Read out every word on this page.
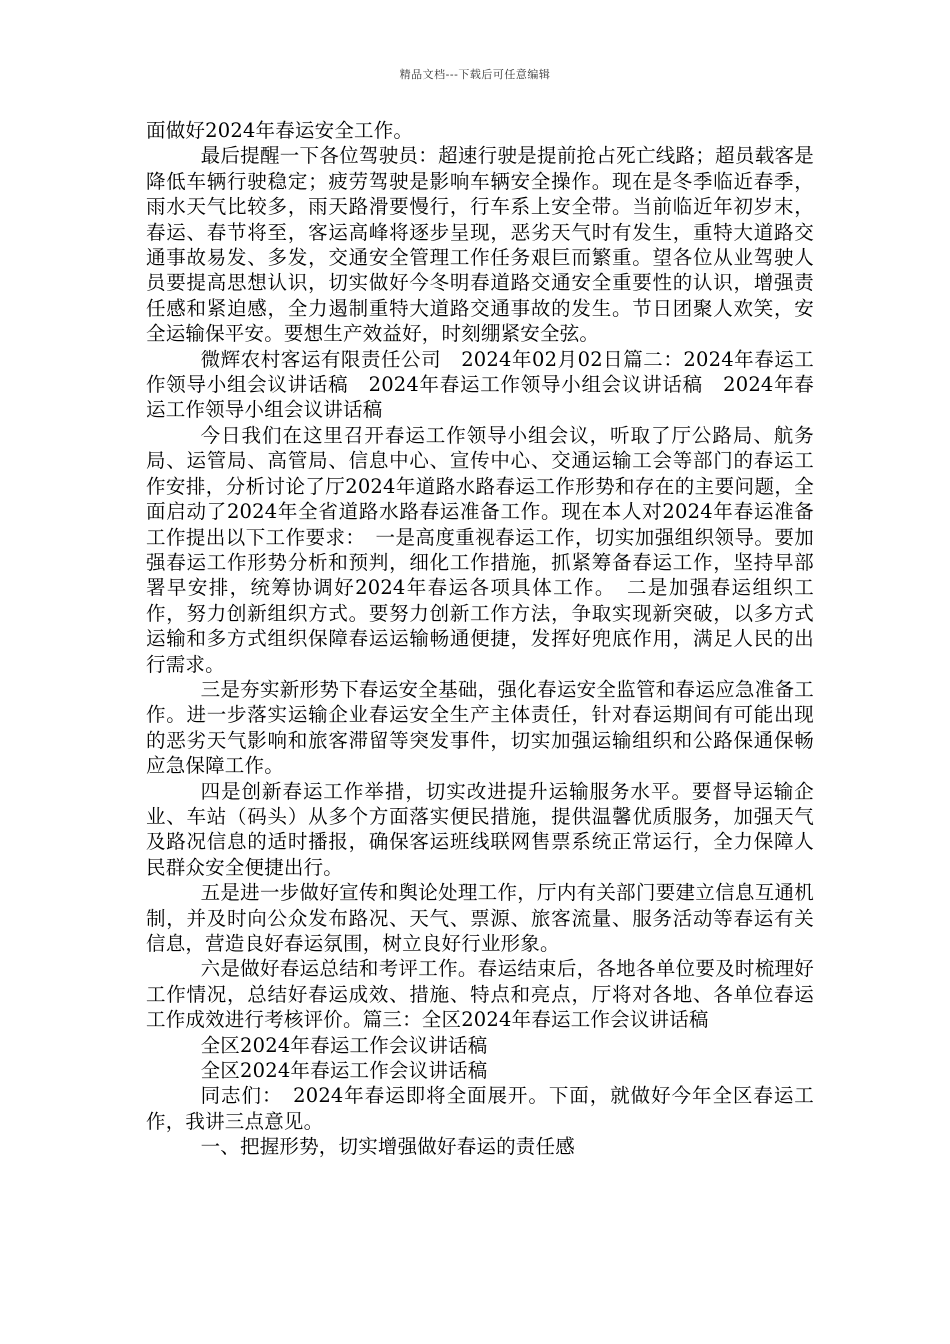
精品文档---下载后可任意编辑

面做好2024年春运安全工作。

最后提醒一下各位驾驶员：超速行驶是提前抢占死亡线路；超员载客是降低车辆行驶稳定；疲劳驾驶是影响车辆安全操作。现在是冬季临近春季，雨水天气比较多，雨天路滑要慢行，行车系上安全带。当前临近年初岁末，春运、春节将至，客运高峰将逐步呈现，恶劣天气时有发生，重特大道路交通事故易发、多发，交通安全管理工作任务艰巨而繁重。望各位从业驾驶人员要提高思想认识，切实做好今冬明春道路交通安全重要性的认识，增强责任感和紧迫感，全力遏制重特大道路交通事故的发生。节日团聚人欢笑，安全运输保平安。要想生产效益好，时刻绷紧安全弦。

微辉农村客运有限责任公司　2024年02月02日篇二：2024年春运工作领导小组会议讲话稿　2024年春运工作领导小组会议讲话稿　2024年春运工作领导小组会议讲话稿

今日我们在这里召开春运工作领导小组会议，听取了厅公路局、航务局、运管局、高管局、信息中心、宣传中心、交通运输工会等部门的春运工作安排，分析讨论了厅2024年道路水路春运工作形势和存在的主要问题，全面启动了2024年全省道路水路春运准备工作。现在本人对2024年春运准备工作提出以下工作要求：　一是高度重视春运工作，切实加强组织领导。要加强春运工作形势分析和预判，细化工作措施，抓紧筹备春运工作，坚持早部署早安排，统筹协调好2024年春运各项具体工作。　二是加强春运组织工作，努力创新组织方式。要努力创新工作方法，争取实现新突破，以多方式运输和多方式组织保障春运运输畅通便捷，发挥好兜底作用，满足人民的出行需求。

三是夯实新形势下春运安全基础，强化春运安全监管和春运应急准备工作。进一步落实运输企业春运安全生产主体责任，针对春运期间有可能出现的恶劣天气影响和旅客滞留等突发事件，切实加强运输组织和公路保通保畅应急保障工作。

四是创新春运工作举措，切实改进提升运输服务水平。要督导运输企业、车站（码头）从多个方面落实便民措施，提供温馨优质服务，加强天气及路况信息的适时播报，确保客运班线联网售票系统正常运行，全力保障人民群众安全便捷出行。

五是进一步做好宣传和舆论处理工作，厅内有关部门要建立信息互通机制，并及时向公众发布路况、天气、票源、旅客流量、服务活动等春运有关信息，营造良好春运氛围，树立良好行业形象。

六是做好春运总结和考评工作。春运结束后，各地各单位要及时梳理好工作情况，总结好春运成效、措施、特点和亮点，厅将对各地、各单位春运工作成效进行考核评价。篇三：全区2024年春运工作会议讲话稿

全区2024年春运工作会议讲话稿

全区2024年春运工作会议讲话稿

同志们：　2024年春运即将全面展开。下面，就做好今年全区春运工作，我讲三点意见。

一、把握形势，切实增强做好春运的责任感
